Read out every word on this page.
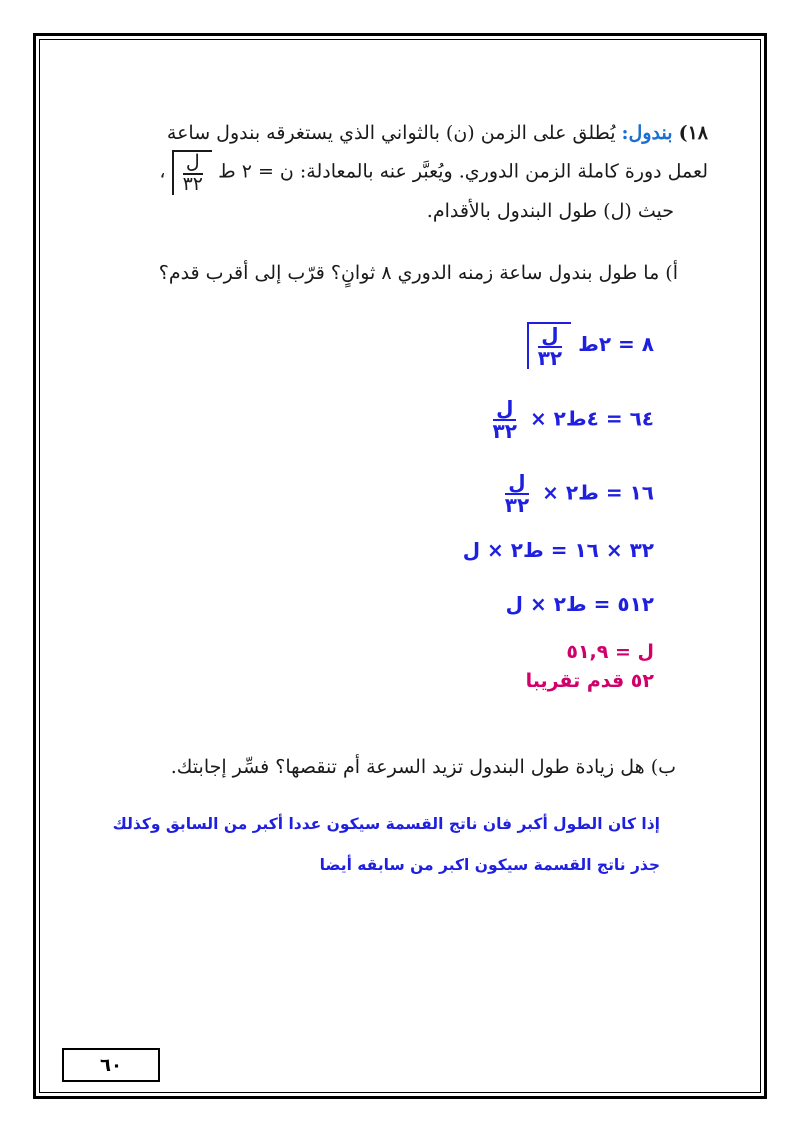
١٨) بندول: يُطلق على الزمن (ن) بالثواني الذي يستغرقه بندول ساعة
لعمل دورة كاملة الزمن الدوري. ويُعبَّر عنه بالمعادلة: ن = ٢ ط
$\frac{\text{ل}}{٣٢}$
،
حيث (ل) طول البندول بالأقدام.
أ) ما طول بندول ساعة زمنه الدوري ٨ ثوانٍ؟ قرّب إلى أقرب قدم؟
٨ = ٢ط
$\frac{\text{ل}}{٣٢}$
٦٤ = ٤ط٢ ×
$\frac{\text{ل}}{٣٢}$
١٦ = ط٢ ×
$\frac{\text{ل}}{٣٢}$
٣٢ × ١٦ = ط٢ × ل
٥١٢ = ط٢ × ل
ل = ٥١,٩
٥٢ قدم تقريبا
ب) هل زيادة طول البندول تزيد السرعة أم تنقصها؟ فسِّر إجابتك.
إذا كان الطول أكبر فان ناتج القسمة سيكون عددا أكبر من السابق وكذلك
جذر ناتج القسمة سيكون اكبر من سابقه أيضا
٦٠
